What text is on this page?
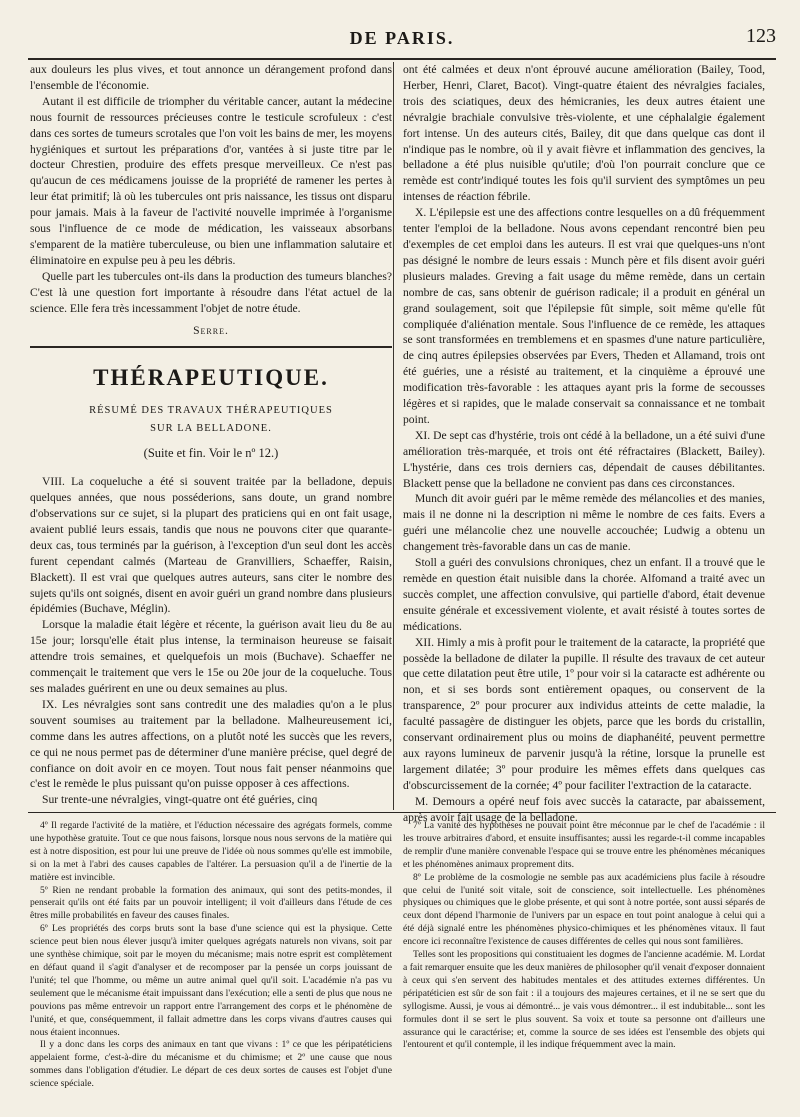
DE PARIS.	123

aux douleurs les plus vives, et tout annonce un dérangement profond dans l'ensemble de l'économie.

Autant il est difficile de triompher du véritable cancer, autant la médecine nous fournit de ressources précieuses contre le testicule scrofuleux : c'est dans ces sortes de tumeurs scrotales que l'on voit les bains de mer, les moyens hygiéniques et surtout les préparations d'or, vantées à si juste titre par le docteur Chrestien, produire des effets presque merveilleux. Ce n'est pas qu'aucun de ces médicamens jouisse de la propriété de ramener les pertes à leur état primitif; là où les tubercules ont pris naissance, les tissus ont disparu pour jamais. Mais à la faveur de l'activité nouvelle imprimée à l'organisme sous l'influence de ce mode de médication, les vaisseaux absorbans s'emparent de la matière tuberculeuse, ou bien une inflammation salutaire et éliminatoire en expulse peu à peu les débris.

Quelle part les tubercules ont-ils dans la production des tumeurs blanches? C'est là une question fort importante à résoudre dans l'état actuel de la science. Elle fera très incessamment l'objet de notre étude.

Serre.

THÉRAPEUTIQUE.

RÉSUMÉ DES TRAVAUX THÉRAPEUTIQUES

SUR LA BELLADONE.

(Suite et fin. Voir le nº 12.)

VIII. La coqueluche a été si souvent traitée par la belladone, depuis quelques années, que nous posséderions, sans doute, un grand nombre d'observations sur ce sujet, si la plupart des praticiens qui en ont fait usage, avaient publié leurs essais, tandis que nous ne pouvons citer que quarante-deux cas, tous terminés par la guérison, à l'exception d'un seul dont les accès furent cependant calmés (Marteau de Granvilliers, Schaeffer, Raisin, Blackett). Il est vrai que quelques autres auteurs, sans citer le nombre des sujets qu'ils ont soignés, disent en avoir guéri un grand nombre dans plusieurs épidémies (Buchave, Méglin).

Lorsque la maladie était légère et récente, la guérison avait lieu du 8e au 15e jour; lorsqu'elle était plus intense, la terminaison heureuse se faisait attendre trois semaines, et quelquefois un mois (Buchave). Schaeffer ne commençait le traitement que vers le 15e ou 20e jour de la coqueluche. Tous ses malades guérirent en une ou deux semaines au plus.

IX. Les névralgies sont sans contredit une des maladies qu'on a le plus souvent soumises au traitement par la belladone. Malheureusement ici, comme dans les autres affections, on a plutôt noté les succès que les revers, ce qui ne nous permet pas de déterminer d'une manière précise, quel degré de confiance on doit avoir en ce moyen. Tout nous fait penser néanmoins que c'est le remède le plus puissant qu'on puisse opposer à ces affections.

Sur trente-une névralgies, vingt-quatre ont été guéries, cinq

ont été calmées et deux n'ont éprouvé aucune amélioration (Bailey, Tood, Herber, Henri, Claret, Bacot). Vingt-quatre étaient des névralgies faciales, trois des sciatiques, deux des hémicranies, les deux autres étaient une névralgie brachiale convulsive très-violente, et une céphalalgie également fort intense. Un des auteurs cités, Bailey, dit que dans quelque cas dont il n'indique pas le nombre, où il y avait fièvre et inflammation des gencives, la belladone a été plus nuisible qu'utile; d'où l'on pourrait conclure que ce remède est contr'indiqué toutes les fois qu'il survient des symptômes un peu intenses de réaction fébrile.

X. L'épilepsie est une des affections contre lesquelles on a dû fréquemment tenter l'emploi de la belladone. Nous avons cependant rencontré bien peu d'exemples de cet emploi dans les auteurs. Il est vrai que quelques-uns n'ont pas désigné le nombre de leurs essais : Munch père et fils disent avoir guéri plusieurs malades. Greving a fait usage du même remède, dans un certain nombre de cas, sans obtenir de guérison radicale; il a produit en général un grand soulagement, soit que l'épilepsie fût simple, soit même qu'elle fût compliquée d'aliénation mentale. Sous l'influence de ce remède, les attaques se sont transformées en tremblemens et en spasmes d'une nature particulière, de cinq autres épilepsies observées par Evers, Theden et Allamand, trois ont été guéries, une a résisté au traitement, et la cinquième a éprouvé une modification très-favorable : les attaques ayant pris la forme de secousses légères et si rapides, que le malade conservait sa connaissance et ne tombait point.

XI. De sept cas d'hystérie, trois ont cédé à la belladone, un a été suivi d'une amélioration très-marquée, et trois ont été réfractaires (Blackett, Bailey). L'hystérie, dans ces trois derniers cas, dépendait de causes débilitantes. Blackett pense que la belladone ne convient pas dans ces circonstances.

Munch dit avoir guéri par le même remède des mélancolies et des manies, mais il ne donne ni la description ni même le nombre de ces faits. Evers a guéri une mélancolie chez une nouvelle accouchée; Ludwig a obtenu un changement très-favorable dans un cas de manie.

Stoll a guéri des convulsions chroniques, chez un enfant. Il a trouvé que le remède en question était nuisible dans la chorée. Alfomand a traité avec un succès complet, une affection convulsive, qui partielle d'abord, était devenue ensuite générale et excessivement violente, et avait résisté à toutes sortes de médications.

XII. Himly a mis à profit pour le traitement de la cataracte, la propriété que possède la belladone de dilater la pupille. Il résulte des travaux de cet auteur que cette dilatation peut être utile, 1º pour voir si la cataracte est adhérente ou non, et si ses bords sont entièrement opaques, ou conservent de la transparence, 2º pour procurer aux individus atteints de cette maladie, la faculté passagère de distinguer les objets, parce que les bords du cristallin, conservant ordinairement plus ou moins de diaphanéité, peuvent permettre aux rayons lumineux de parvenir jusqu'à la rétine, lorsque la prunelle est largement dilatée; 3º pour produire les mêmes effets dans quelques cas d'obscurcissement de la cornée; 4º pour faciliter l'extraction de la cataracte.

M. Demours a opéré neuf fois avec succès la cataracte, par abaissement, après avoir fait usage de la belladone.

4º Il regarde l'activité de la matière, et l'éduction nécessaire des agrégats formels, comme une hypothèse gratuite. Tout ce que nous faisons, lorsque nous nous servons de la matière qui est à notre disposition, est pour lui une preuve de l'idée où nous sommes qu'elle est immobile, si on la met à l'abri des causes capables de l'altérer. La persuasion qu'il a de l'inertie de la matière est invincible.

5º Rien ne rendant probable la formation des animaux, qui sont des petits-mondes, il penserait qu'ils ont été faits par un pouvoir intelligent; il voit d'ailleurs dans l'étude de ces êtres mille probabilités en faveur des causes finales.

6º Les propriétés des corps bruts sont la base d'une science qui est la physique. Cette science peut bien nous élever jusqu'à imiter quelques agrégats naturels non vivans, soit par une synthèse chimique, soit par le moyen du mécanisme; mais notre esprit est complètement en défaut quand il s'agit d'analyser et de recomposer par la pensée un corps jouissant de l'unité; tel que l'homme, ou même un autre animal quel qu'il soit. L'académie n'a pas vu seulement que le mécanisme était impuissant dans l'exécution; elle a senti de plus que nous ne pouvions pas même entrevoir un rapport entre l'arrangement des corps et le phénomène de l'unité, et que, conséquemment, il fallait admettre dans les corps vivans d'autres causes qui nous étaient inconnues.

Il y a donc dans les corps des animaux en tant que vivans : 1º ce que les péripatéticiens appelaient forme, c'est-à-dire du mécanisme et du chimisme; et 2º une cause que nous sommes dans l'obligation d'étudier. Le départ de ces deux sortes de causes est l'objet d'une science spéciale.

7º La vanité des hypothèses ne pouvait point être méconnue par le chef de l'académie : il les trouve arbitraires d'abord, et ensuite insuffisantes; aussi les regarde-t-il comme incapables de remplir d'une manière convenable l'espace qui se trouve entre les phénomènes mécaniques et les phénomènes animaux proprement dits.

8º Le problème de la cosmologie ne semble pas aux académiciens plus facile à résoudre que celui de l'unité soit vitale, soit de conscience, soit intellectuelle. Les phénomènes physiques ou chimiques que le globe présente, et qui sont à notre portée, sont aussi séparés de ceux dont dépend l'harmonie de l'univers par un espace en tout point analogue à celui qui a été déjà signalé entre les phénomènes physico-chimiques et les phénomènes vitaux. Il faut encore ici reconnaître l'existence de causes différentes de celles qui nous sont familières.

Telles sont les propositions qui constituaient les dogmes de l'ancienne académie. M. Lordat a fait remarquer ensuite que les deux manières de philosopher qu'il venait d'exposer donnaient à ceux qui s'en servent des habitudes mentales et des attitudes externes différentes. Un péripatéticien est sûr de son fait : il a toujours des majeures certaines, et il ne se sert que du syllogisme. Aussi, je vous ai démontré... je vais vous démontrer... il est indubitable... sont les formules dont il se sert le plus souvent. Sa voix et toute sa personne ont d'ailleurs une assurance qui le caractérise; et, comme la source de ses idées est l'ensemble des objets qui l'entourent et qu'il contemple, il les indique fréquemment avec la main.
